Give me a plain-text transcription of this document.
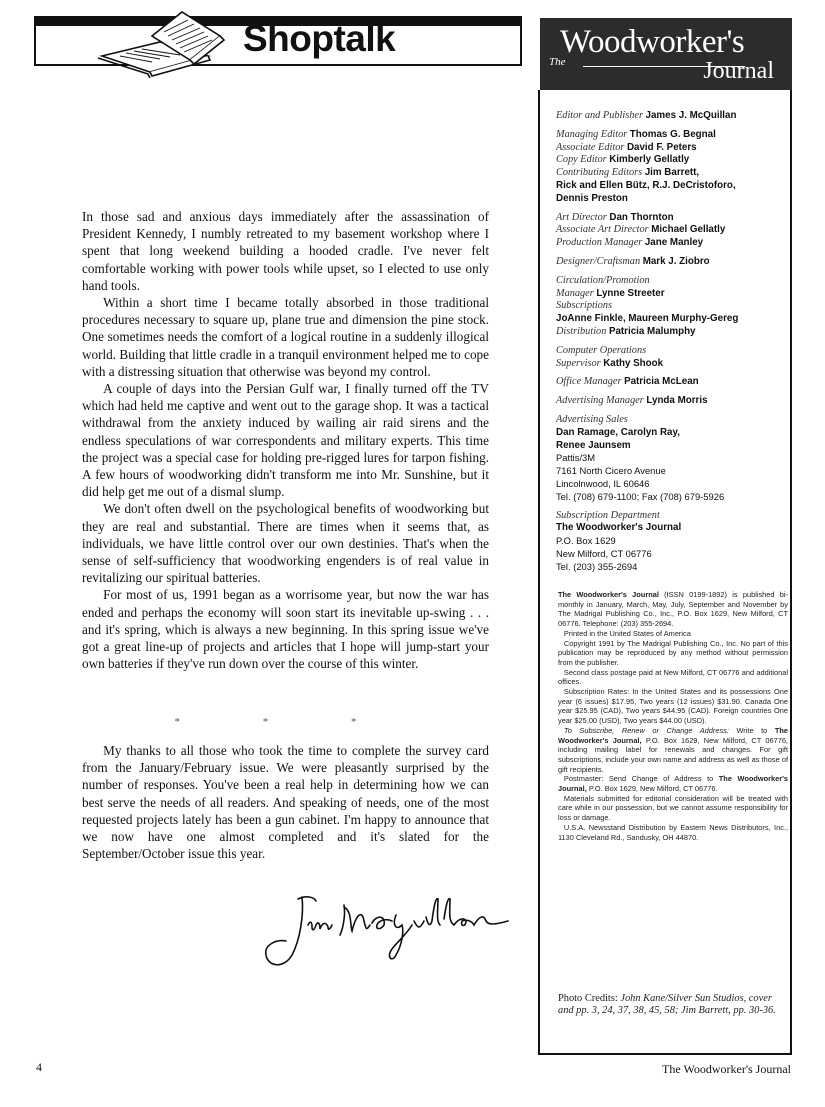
Shoptalk
The
Woodworker's
Journal

In those sad and anxious days immediately after the assassination of President Kennedy, I numbly retreated to my basement workshop where I spent that long weekend building a hooded cradle. I've never felt comfortable working with power tools while upset, so I elected to use only hand tools.

Within a short time I became totally absorbed in those traditional procedures necessary to square up, plane true and dimension the pine stock. One sometimes needs the comfort of a logical routine in a suddenly illogical world. Building that little cradle in a tranquil environment helped me to cope with a distressing situation that otherwise was beyond my control.

A couple of days into the Persian Gulf war, I finally turned off the TV which had held me captive and went out to the garage shop. It was a tactical withdrawal from the anxiety induced by wailing air raid sirens and the endless speculations of war correspondents and military experts. This time the project was a special case for holding pre-rigged lures for tarpon fishing. A few hours of woodworking didn't transform me into Mr. Sunshine, but it did help get me out of a dismal slump.

We don't often dwell on the psychological benefits of woodworking but they are real and substantial. There are times when it seems that, as individuals, we have little control over our own destinies. That's when the sense of self-sufficiency that woodworking engenders is of real value in revitalizing our spiritual batteries.

For most of us, 1991 began as a worrisome year, but now the war has ended and perhaps the economy will soon start its inevitable up-swing . . . and it's spring, which is always a new beginning. In this spring issue we've got a great line-up of projects and articles that I hope will jump-start your own batteries if they've run down over the course of this winter.

* * *

My thanks to all those who took the time to complete the survey card from the January/February issue. We were pleasantly surprised by the number of responses. You've been a real help in determining how we can best serve the needs of all readers. And speaking of needs, one of the most requested projects lately has been a gun cabinet. I'm happy to announce that we now have one almost completed and it's slated for the September/October issue this year.

Editor and Publisher James J. McQuillan
Managing Editor Thomas G. Begnal
Associate Editor David F. Peters
Copy Editor Kimberly Gellatly
Contributing Editors Jim Barrett,
Rick and Ellen Bütz, R.J. DeCristoforo,
Dennis Preston
Art Director Dan Thornton
Associate Art Director Michael Gellatly
Production Manager Jane Manley
Designer/Craftsman Mark J. Ziobro
Circulation/Promotion
Manager Lynne Streeter
Subscriptions
JoAnne Finkle, Maureen Murphy-Gereg
Distribution Patricia Malumphy
Computer Operations
Supervisor Kathy Shook
Office Manager Patricia McLean
Advertising Manager Lynda Morris
Advertising Sales
Dan Ramage, Carolyn Ray,
Renee Jaunsem
Pattis/3M
7161 North Cicero Avenue
Lincolnwood, IL 60646
Tel. (708) 679-1100; Fax (708) 679-5926
Subscription Department
The Woodworker's Journal
P.O. Box 1629
New Milford, CT 06776
Tel. (203) 355-2694

The Woodworker's Journal (ISSN 0199-1892) is published bi-monthly in January, March, May, July, September and November by The Madrigal Publishing Co., Inc., P.O. Box 1629, New Milford, CT 06776. Telephone: (203) 355-2694.

Printed in the United States of America

Copyright 1991 by The Madrigal Publishing Co., Inc. No part of this publication may be reproduced by any method without permission from the publisher.

Second class postage paid at New Milford, CT 06776 and additional offices.

Subscription Rates: In the United States and its possessions One year (6 issues) $17.95, Two years (12 issues) $31.90. Canada One year $25.95 (CAD), Two years $44.95 (CAD). Foreign countries One year $25.00 (USD), Two years $44.00 (USD).

To Subscribe, Renew or Change Address: Write to The Woodworker's Journal, P.O. Box 1629, New Milford, CT 06776, including mailing label for renewals and changes. For gift subscriptions, include your own name and address as well as those of gift recipients.

Postmaster: Send Change of Address to The Woodworker's Journal, P.O. Box 1629, New Milford, CT 06776.

Materials submitted for editorial consideration will be treated with care while in our possession, but we cannot assume responsibility for loss or damage.

U.S.A. Newsstand Distribution by Eastern News Distributors, Inc., 1130 Cleveland Rd., Sandusky, OH 44870.

Photo Credits: John Kane/Silver Sun Studios, cover and pp. 3, 24, 37, 38, 45, 58; Jim Barrett, pp. 30-36.
4	The Woodworker's Journal
